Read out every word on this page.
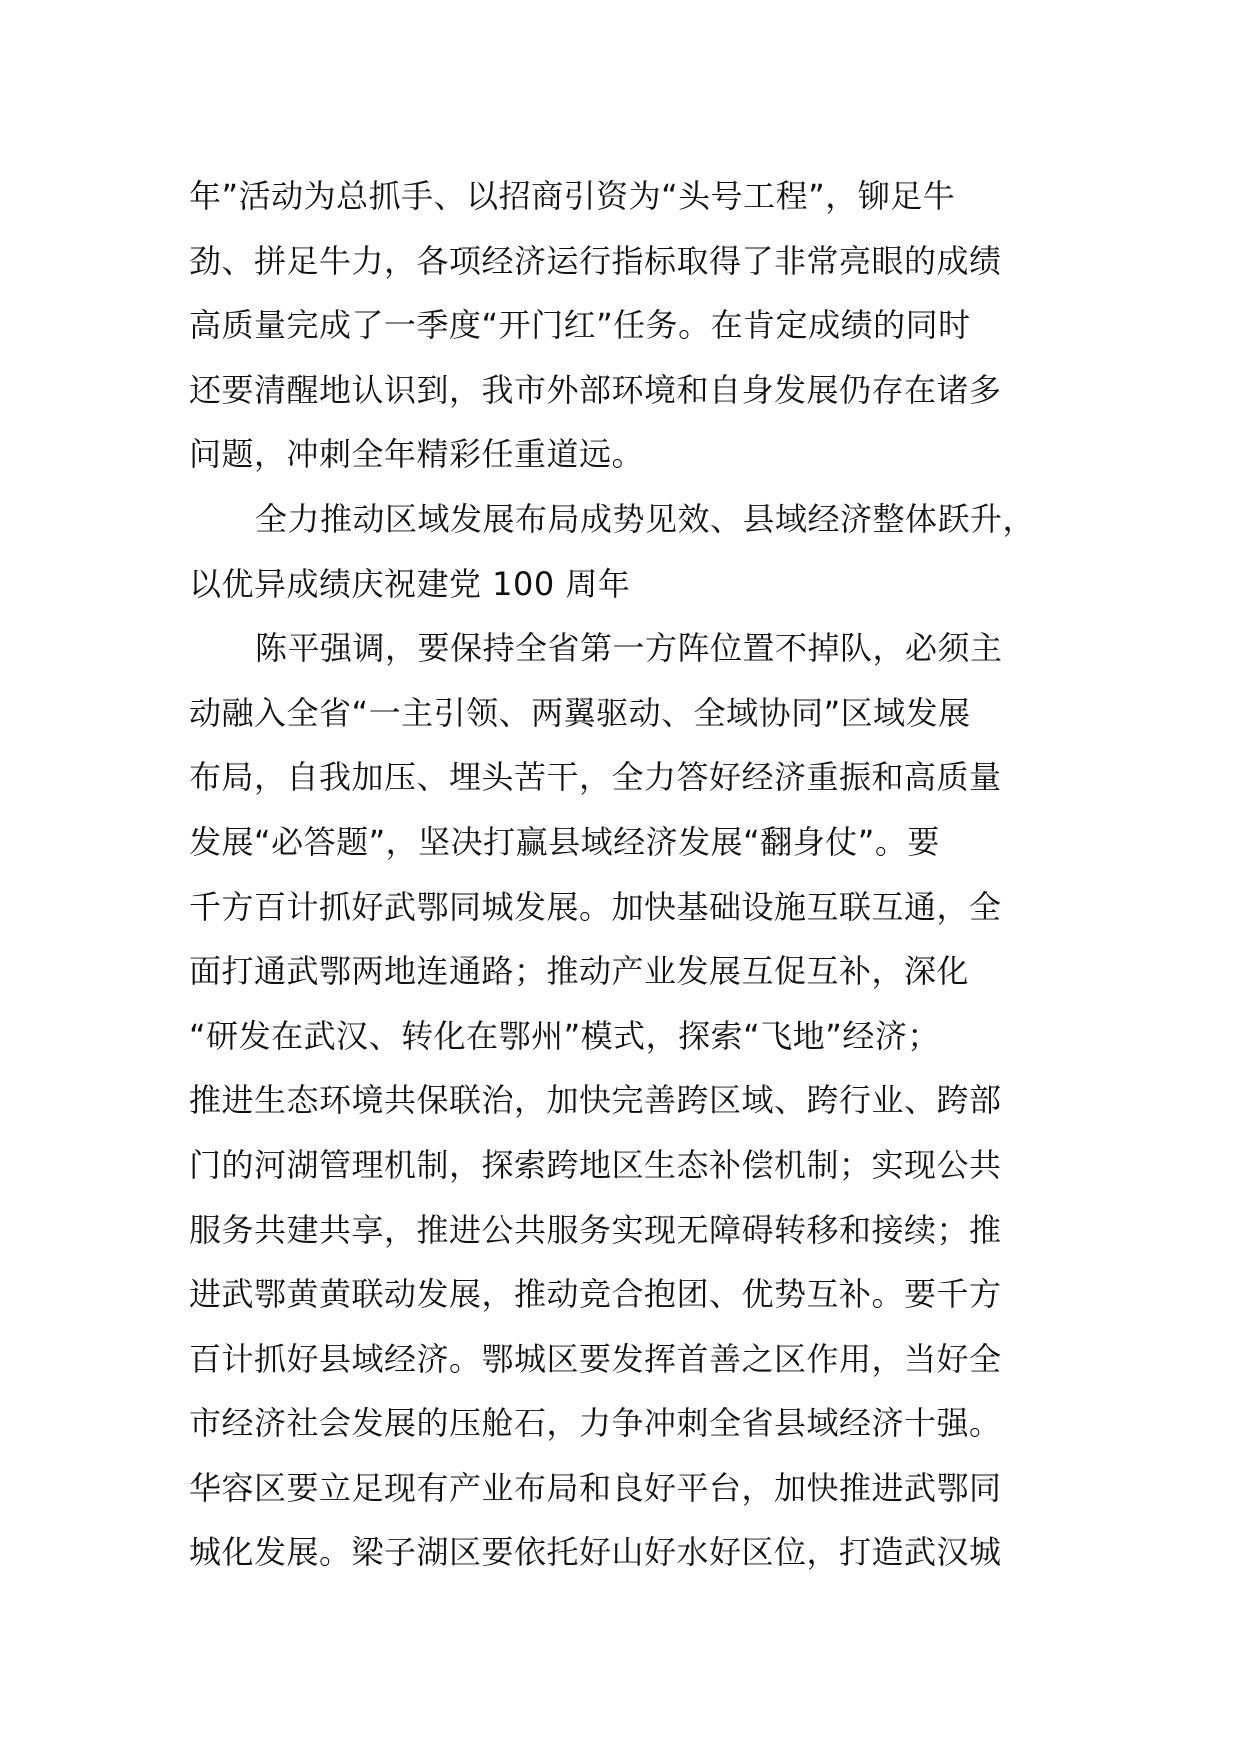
年”活动为总抓手、以招商引资为“头号工程”，铆足牛
劲、拼足牛力，各项经济运行指标取得了非常亮眼的成绩
高质量完成了一季度“开门红”任务。在肯定成绩的同时
还要清醒地认识到，我市外部环境和自身发展仍存在诸多
问题，冲刺全年精彩任重道远。
全力推动区域发展布局成势见效、县域经济整体跃升，
以优异成绩庆祝建党 100 周年
陈平强调，要保持全省第一方阵位置不掉队，必须主
动融入全省“一主引领、两翼驱动、全域协同”区域发展
布局，自我加压、埋头苦干，全力答好经济重振和高质量
发展“必答题”，坚决打赢县域经济发展“翻身仗”。要
千方百计抓好武鄂同城发展。加快基础设施互联互通，全
面打通武鄂两地连通路；推动产业发展互促互补，深化
“研发在武汉、转化在鄂州”模式，探索“飞地”经济；
推进生态环境共保联治，加快完善跨区域、跨行业、跨部
门的河湖管理机制，探索跨地区生态补偿机制；实现公共
服务共建共享，推进公共服务实现无障碍转移和接续；推
进武鄂黄黄联动发展，推动竞合抱团、优势互补。要千方
百计抓好县域经济。鄂城区要发挥首善之区作用，当好全
市经济社会发展的压舱石，力争冲刺全省县域经济十强。
华容区要立足现有产业布局和良好平台，加快推进武鄂同
城化发展。梁子湖区要依托好山好水好区位，打造武汉城
